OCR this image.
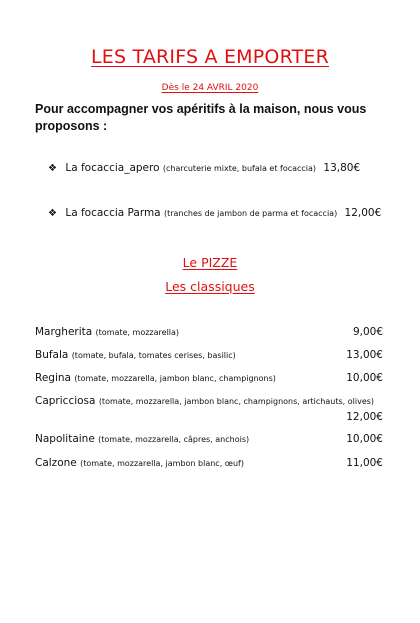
LES TARIFS A EMPORTER
Dès le 24 AVRIL 2020
Pour accompagner vos apéritifs à la maison, nous vous proposons :
❖ La focaccia_apero (charcuterie mixte, bufala et focaccia) 13,80€
❖ La focaccia Parma (tranches de jambon de parma et focaccia) 12,00€
Le PIZZE
Les classiques
Margherita (tomate, mozzarella)	9,00€
Bufala (tomate, bufala, tomates cerises, basilic)	13,00€
Regina (tomate, mozzarella, jambon blanc, champignons)	10,00€
Capricciosa (tomate, mozzarella, jambon blanc, champignons, artichauts, olives)
12,00€
Napolitaine (tomate, mozzarella, câpres, anchois)	10,00€
Calzone (tomate, mozzarella, jambon blanc, œuf)	11,00€
